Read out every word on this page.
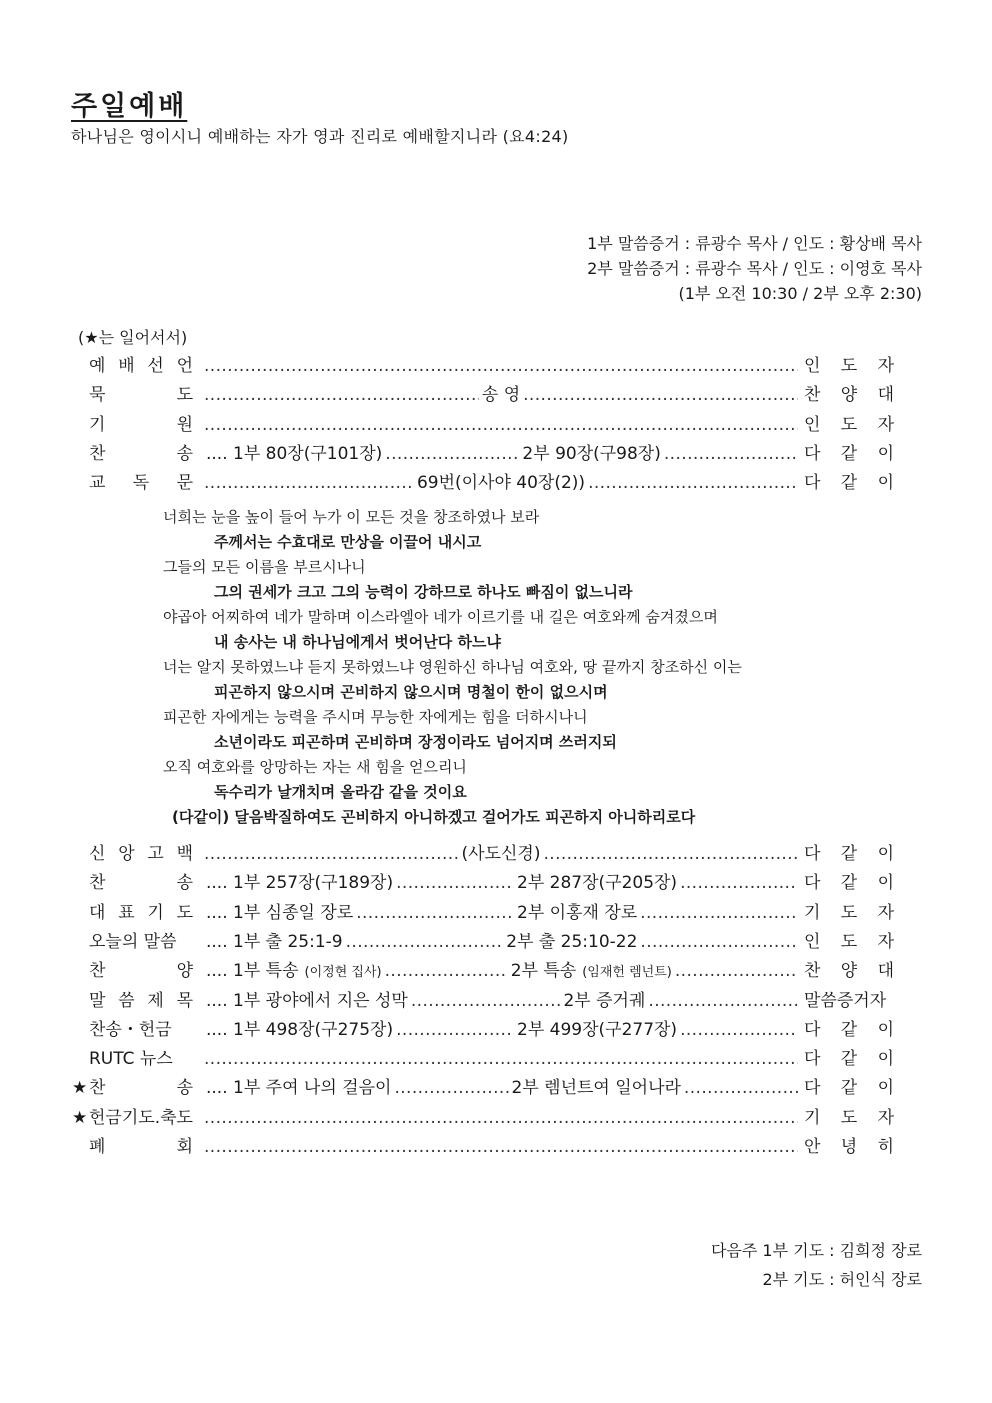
주일예배
하나님은 영이시니 예배하는 자가 영과 진리로 예배할지니라 (요4:24)
1부 말씀증거 : 류광수 목사 / 인도 : 황상배 목사
2부 말씀증거 : 류광수 목사 / 인도 : 이영호 목사
(1부 오전 10:30 / 2부 오후 2:30)
(★는 일어서서)
예 배 선 언 .....	인 도 자
묵	도 .....	송 영 .....	찬 양 대
기	원 .....	인 도 자
찬	송 .... 1부 80장(구101장) .....	2부 90장(구98장) .....	다 같 이
교 독 문 .....	69번(이사야 40장(2)) .....	다 같 이
너희는 눈을 높이 들어 누가 이 모든 것을 창조하였나 보라
주께서는 수효대로 만상을 이끌어 내시고
그들의 모든 이름을 부르시나니
그의 권세가 크고 그의 능력이 강하므로 하나도 빠짐이 없느니라
야곱아 어찌하여 네가 말하며 이스라엘아 네가 이르기를 내 길은 여호와께 숨겨졌으며
내 송사는 내 하나님에게서 벗어난다 하느냐
너는 알지 못하였느냐 듣지 못하였느냐 영원하신 하나님 여호와, 땅 끝까지 창조하신 이는
피곤하지 않으시며 곤비하지 않으시며 명철이 한이 없으시며
피곤한 자에게는 능력을 주시며 무능한 자에게는 힘을 더하시나니
소년이라도 피곤하며 곤비하며 장정이라도 넘어지며 쓰러지되
오직 여호와를 앙망하는 자는 새 힘을 얻으리니
독수리가 날개치며 올라감 같을 것이요
(다같이) 달음박질하여도 곤비하지 아니하겠고 걸어가도 피곤하지 아니하리로다
신 앙 고 백 .....	(사도신경) .....	다 같 이
찬	송 .... 1부 257장(구189장) .....	2부 287장(구205장) .....	다 같 이
대 표 기 도 .... 1부 심종일 장로 .....	2부 이홍재 장로 .....	기 도 자
오늘의 말씀 .... 1부 출 25:1-9 .....	2부 출 25:10-22 .....	인 도 자
찬	양 .... 1부 특송 (이정현 집사) .....	2부 특송 (임재헌 렘넌트) .....	찬 양 대
말 씀 제 목 .... 1부 광야에서 지은 성막 .....	2부 증거궤 .....	말씀증거자
찬송・헌금 .... 1부 498장(구275장) .....	2부 499장(구277장) .....	다 같 이
RUTC 뉴스 .....	다 같 이
★ 찬	송 .... 1부 주여 나의 걸음이 .....	2부 렘넌트여 일어나라 .....	다 같 이
★ 헌금기도.축도 .....	기 도 자
폐	회 .....	안 녕 히
다음주 1부 기도 : 김희정 장로
2부 기도 : 허인식 장로
